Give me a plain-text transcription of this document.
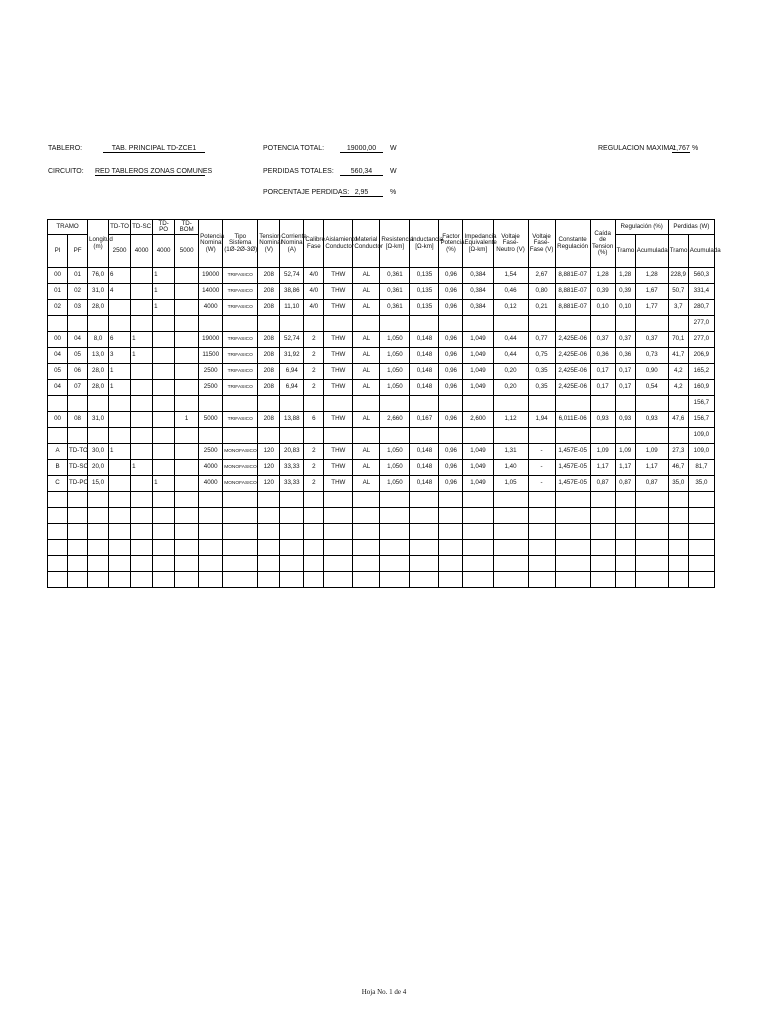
TABLERO:	TAB. PRINCIPAL TD-ZCE1
CIRCUITO: RED TABLEROS ZONAS COMUNES
POTENCIA TOTAL:	19000,00	W
PERDIDAS TOTALES:	560,34	W
PORCENTAJE PERDIDAS: 2,95	%
REGULACION MAXIMA:
1,767 %
TRAMO		Longitud (m)	TD-TO	TD-SC	TD-PO	TD-BOM	Potencia Nominal (W)	Tipo Sistema (1Ø-2Ø-3Ø)	Tension Nominal (V)	Corriente Nominal (A)	Calibre Fase	Aislamiento Conductor	Material Conductor	Resistencia [Ω-km]	Inductancia [Ω-km]	Factor Potencia (%)	Impedancia Equivalente [Ω-km]	Voltaje Fase-Neutro (V)	Voltaje Fase-Fase (V)	Constante Regulación	Caída de Tension (%)	Regulación (%)		Perdidas (W)	
PI	PF		2500	4000	4000	5000																Tramo	Acumulada	Tramo	Acumulada
00	01	76,0	6		1		19000	TRIFASICO	208	52,74	4/0	THW	AL	0,361	0,135	0,96	0,384	1,54	2,67	8,881E-07	1,28	1,28	1,28	228,9	560,3
01	02	31,0	4		1		14000	TRIFASICO	208	38,86	4/0	THW	AL	0,361	0,135	0,96	0,384	0,46	0,80	8,881E-07	0,39	0,39	1,67	50,7	331,4
02	03	28,0			1		4000	TRIFASICO	208	11,10	4/0	THW	AL	0,361	0,135	0,96	0,384	0,12	0,21	8,881E-07	0,10	0,10	1,77	3,7	280,7
																									277,0
00	04	8,0	6	1			19000	TRIFASICO	208	52,74	2	THW	AL	1,050	0,148	0,96	1,049	0,44	0,77	2,425E-06	0,37	0,37	0,37	70,1	277,0
04	05	13,0	3	1			11500	TRIFASICO	208	31,92	2	THW	AL	1,050	0,148	0,96	1,049	0,44	0,75	2,425E-06	0,36	0,36	0,73	41,7	206,9
05	06	28,0	1				2500	TRIFASICO	208	6,94	2	THW	AL	1,050	0,148	0,96	1,049	0,20	0,35	2,425E-06	0,17	0,17	0,90	4,2	165,2
04	07	28,0	1				2500	TRIFASICO	208	6,94	2	THW	AL	1,050	0,148	0,96	1,049	0,20	0,35	2,425E-06	0,17	0,17	0,54	4,2	160,9
																									156,7
00	08	31,0				1	5000	TRIFASICO	208	13,88	6	THW	AL	2,660	0,167	0,96	2,600	1,12	1,94	6,011E-06	0,93	0,93	0,93	47,6	156,7
																									109,0
A	TD-TO	30,0	1				2500	MONOFASICO	120	20,83	2	THW	AL	1,050	0,148	0,96	1,049	1,31	-	1,457E-05	1,09	1,09	1,09	27,3	109,0
B	TD-SC	20,0		1			4000	MONOFASICO	120	33,33	2	THW	AL	1,050	0,148	0,96	1,049	1,40	-	1,457E-05	1,17	1,17	1,17	46,7	81,7
C	TD-PO	15,0			1		4000	MONOFASICO	120	33,33	2	THW	AL	1,050	0,148	0,96	1,049	1,05	-	1,457E-05	0,87	0,87	0,87	35,0	35,0

Hoja No. 1 de 4
